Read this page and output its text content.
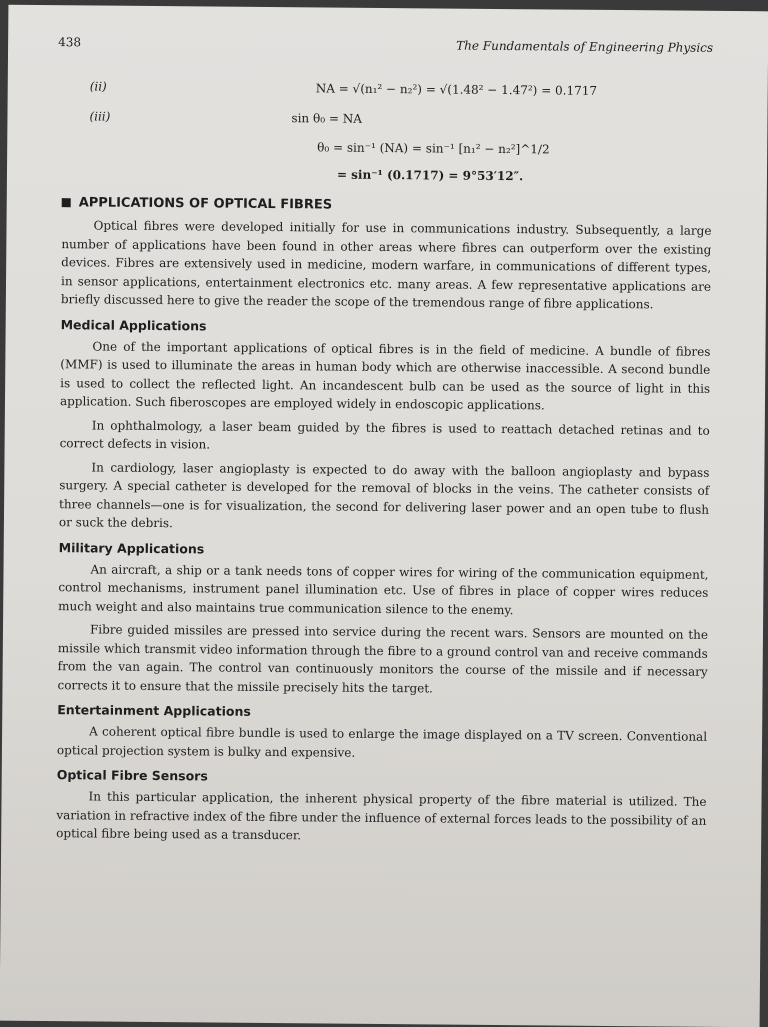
438	The Fundamentals of Engineering Physics
(ii)	NA = √(n₁² − n₂²) = √(1.48² − 1.47²) = 0.1717
(iii)	sin θ₀ = NA
θ₀ = sin⁻¹ (NA) = sin⁻¹ [n₁² − n₂²]^1/2
= sin⁻¹ (0.1717) = 9°53′12″.
APPLICATIONS OF OPTICAL FIBRES

Optical fibres were developed initially for use in communications industry. Subsequently, a large number of applications have been found in other areas where fibres can outperform over the existing devices. Fibres are extensively used in medicine, modern warfare, in communications of different types, in sensor applications, entertainment electronics etc. many areas. A few representative applications are briefly discussed here to give the reader the scope of the tremendous range of fibre applications.

Medical Applications

One of the important applications of optical fibres is in the field of medicine. A bundle of fibres (MMF) is used to illuminate the areas in human body which are otherwise inaccessible. A second bundle is used to collect the reflected light. An incandescent bulb can be used as the source of light in this application. Such fiberoscopes are employed widely in endoscopic applications.

In ophthalmology, a laser beam guided by the fibres is used to reattach detached retinas and to correct defects in vision.

In cardiology, laser angioplasty is expected to do away with the balloon angioplasty and bypass surgery. A special catheter is developed for the removal of blocks in the veins. The catheter consists of three channels—one is for visualization, the second for delivering laser power and an open tube to flush or suck the debris.

Military Applications

An aircraft, a ship or a tank needs tons of copper wires for wiring of the communication equipment, control mechanisms, instrument panel illumination etc. Use of fibres in place of copper wires reduces much weight and also maintains true communication silence to the enemy.

Fibre guided missiles are pressed into service during the recent wars. Sensors are mounted on the missile which transmit video information through the fibre to a ground control van and receive commands from the van again. The control van continuously monitors the course of the missile and if necessary corrects it to ensure that the missile precisely hits the target.

Entertainment Applications

A coherent optical fibre bundle is used to enlarge the image displayed on a TV screen. Conventional optical projection system is bulky and expensive.

Optical Fibre Sensors

In this particular application, the inherent physical property of the fibre material is utilized. The variation in refractive index of the fibre under the influence of external forces leads to the possibility of an optical fibre being used as a transducer.
